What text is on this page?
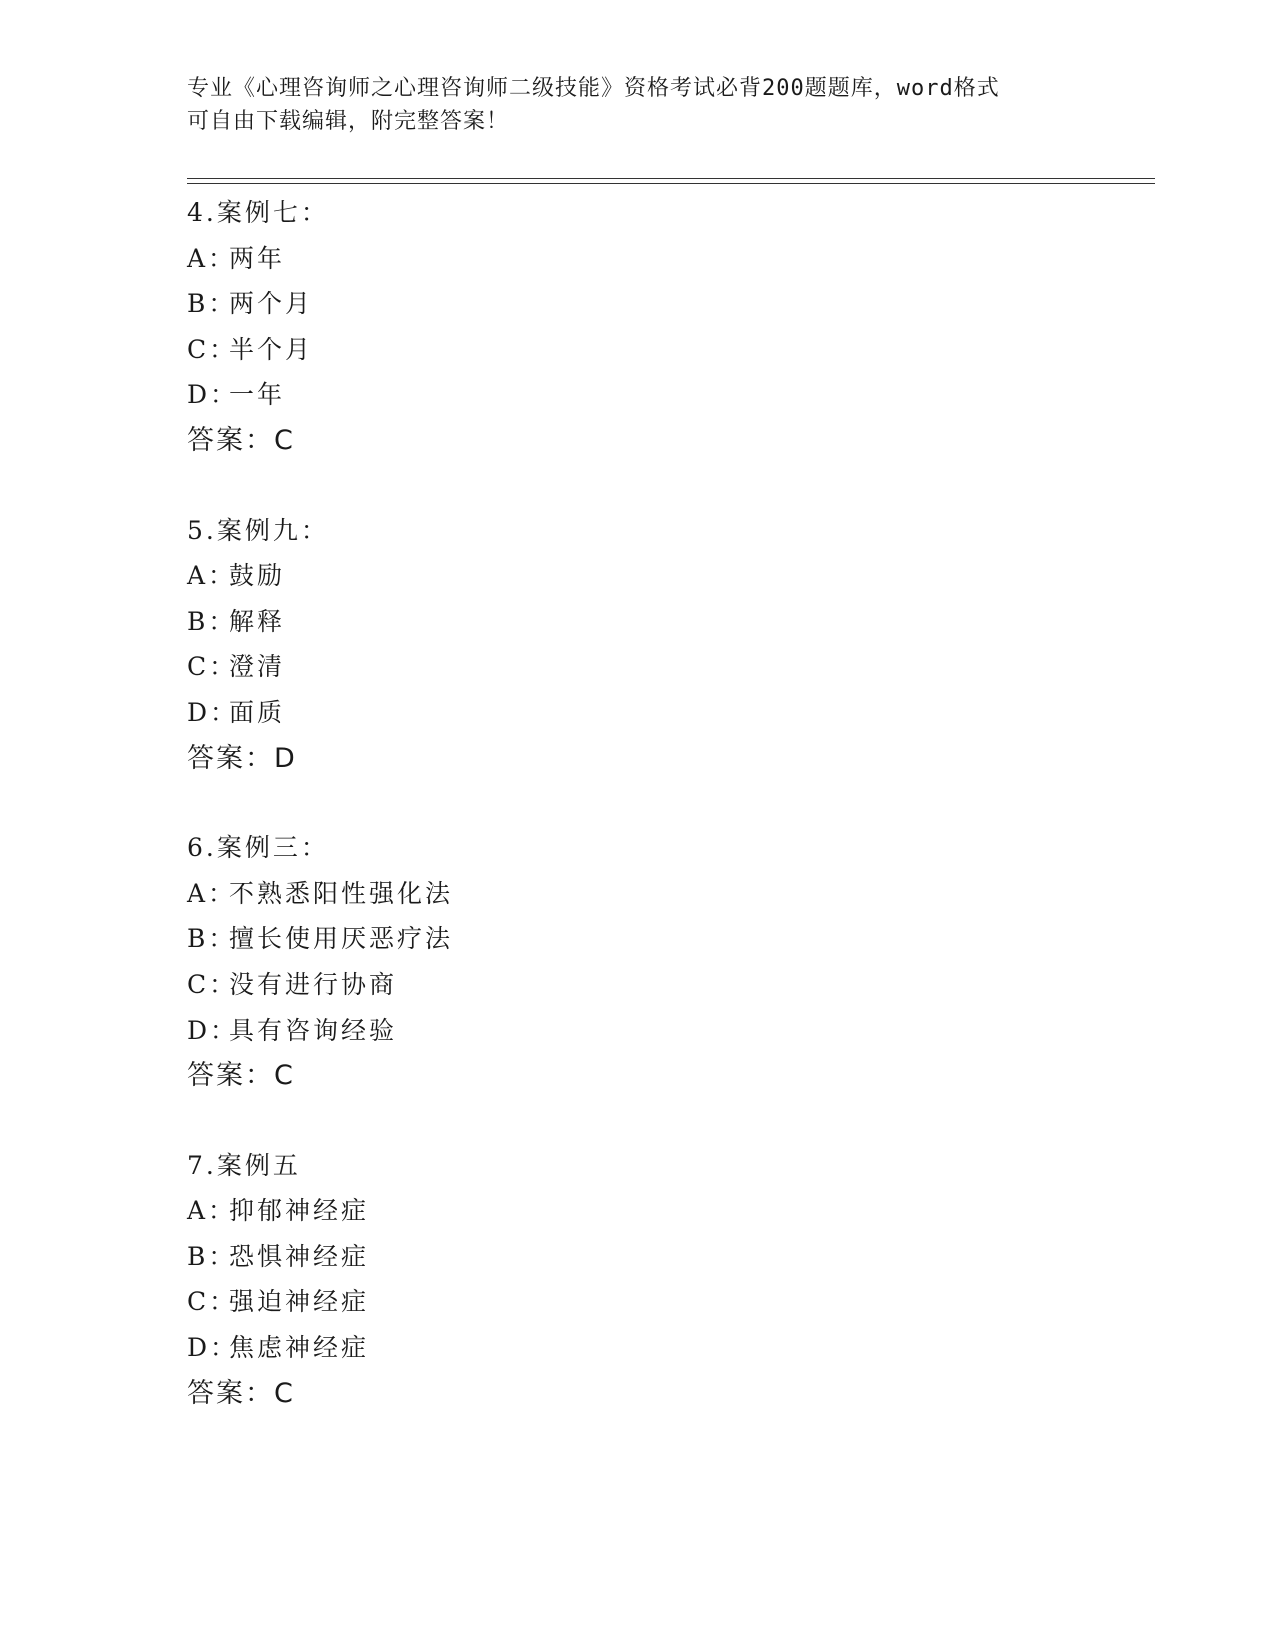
专业《心理咨询师之心理咨询师二级技能》资格考试必背200题题库，word格式
可自由下载编辑，附完整答案！
4.案例七：
A：两年
B：两个月
C：半个月
D：一年
答案：C
5.案例九：
A：鼓励
B：解释
C：澄清
D：面质
答案：D
6.案例三：
A：不熟悉阳性强化法
B：擅长使用厌恶疗法
C：没有进行协商
D：具有咨询经验
答案：C
7.案例五
A：抑郁神经症
B：恐惧神经症
C：强迫神经症
D：焦虑神经症
答案：C
